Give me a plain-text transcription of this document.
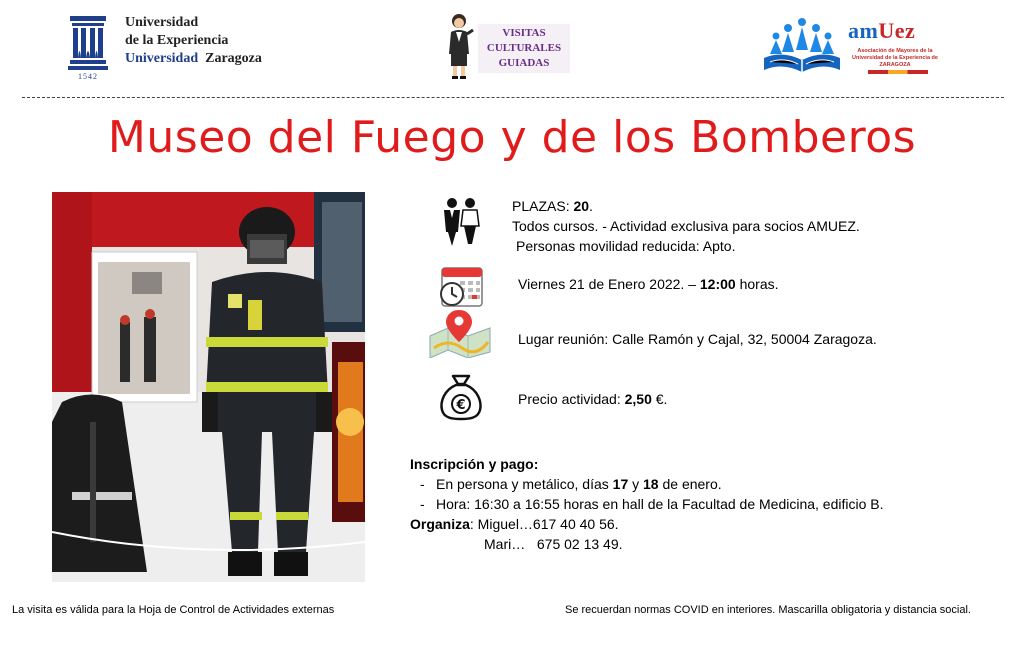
1542
Universidad
de la Experiencia
Universidad Zaragoza
VISITAS
CULTURALES
GUIADAS
amUez
Asociación de Mayores de la Universidad de la Experiencia de ZARAGOZA
Museo del Fuego y de los Bomberos
PLAZAS: 20.
Todos cursos. - Actividad exclusiva para socios AMUEZ.
Personas movilidad reducida: Apto.
Viernes 21 de Enero 2022. – 12:00 horas.
Lugar reunión: Calle Ramón y Cajal, 32, 50004 Zaragoza.
€	Precio actividad: 2,50 €.
Inscripción y pago:
- En persona y metálico, días 17 y 18 de enero.
- Hora: 16:30 a 16:55 horas en hall de la Facultad de Medicina, edificio B.
Organiza: Miguel…617 40 40 56.
Mari…   675 02 13 49.
La visita es válida para la Hoja de Control de Actividades externas	Se recuerdan normas COVID en interiores. Mascarilla obligatoria y distancia social.
